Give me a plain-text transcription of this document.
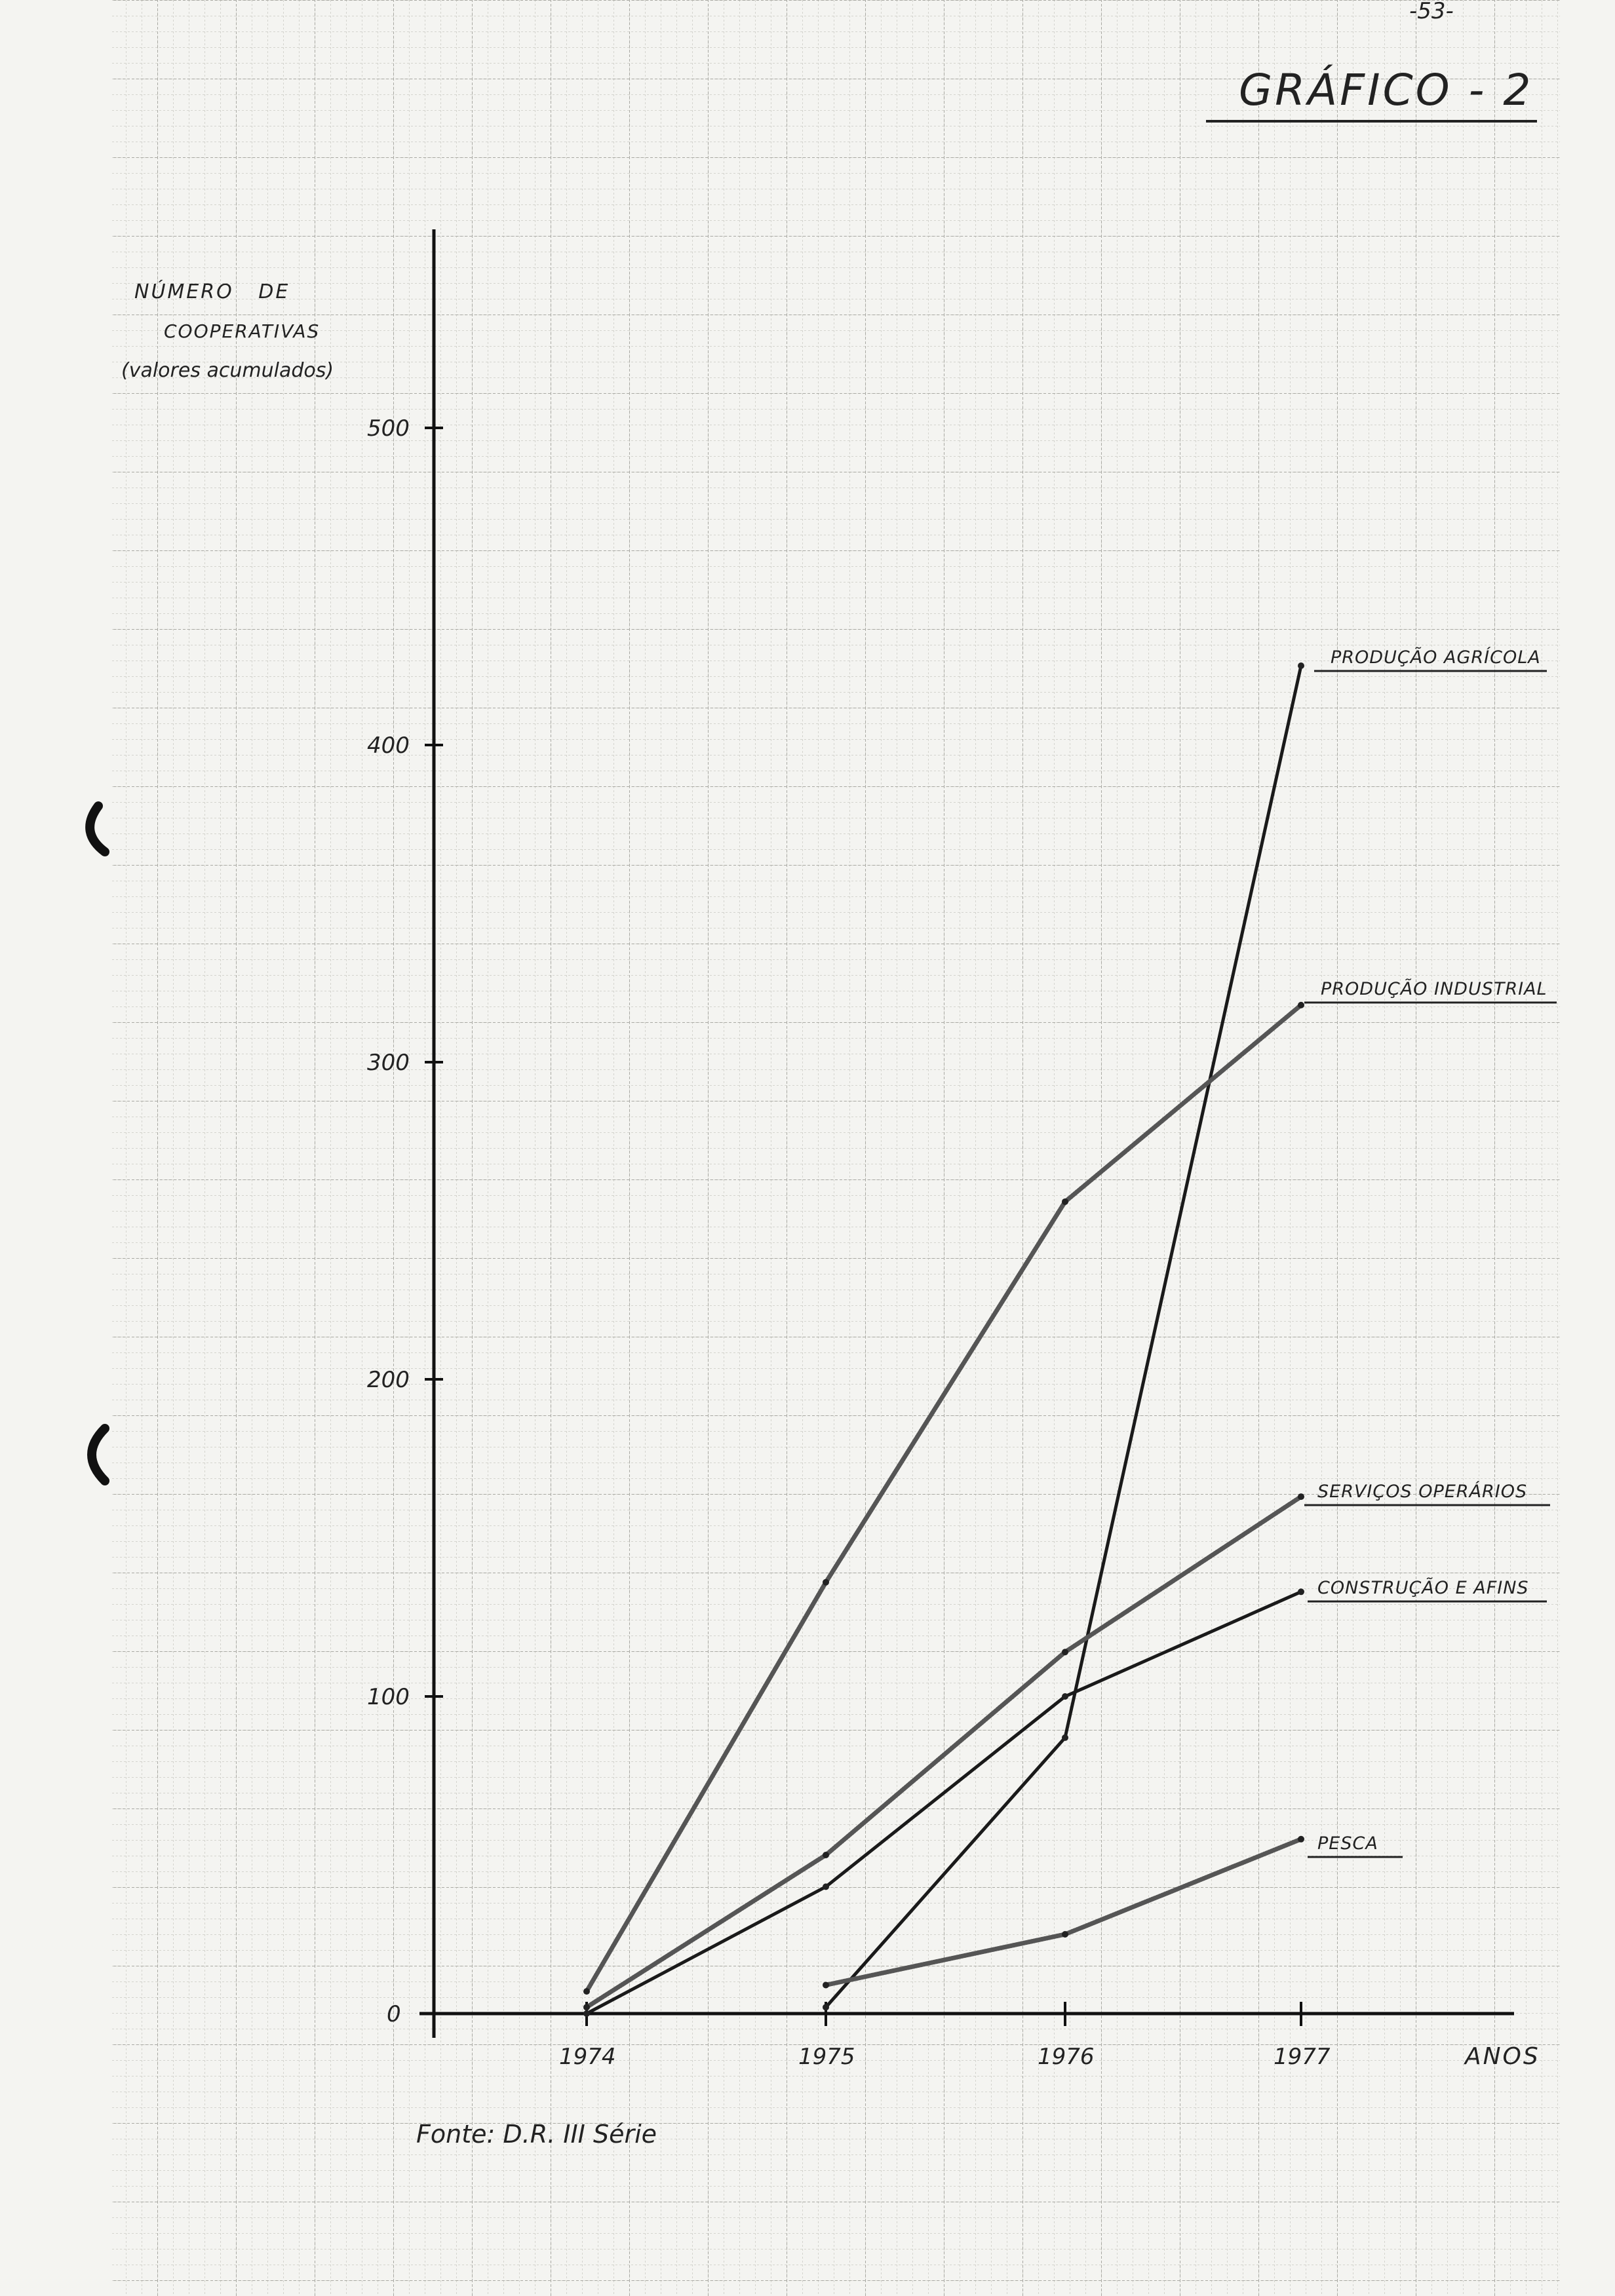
-53-
GRÁFICO - 2
NÚMERO   DE
COOPERATIVAS
(valores acumulados)
0
100
200
300
400
500
1974	1975	1976	1977	ANOS
PRODUÇÃO AGRÍCOLA
PRODUÇÃO INDUSTRIAL
SERVIÇOS OPERÁRIOS
CONSTRUÇÃO E AFINS
PESCA
Fonte: D.R. III Série
